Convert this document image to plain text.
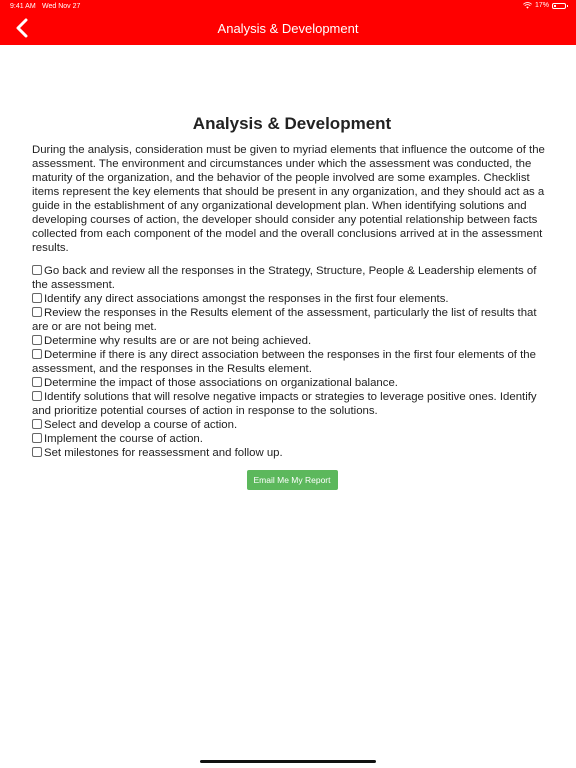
9:41 AM Wed Nov 27	17%
Analysis & Development
Analysis & Development

During the analysis, consideration must be given to myriad elements that influence the outcome of the assessment. The environment and circumstances under which the assessment was conducted, the maturity of the organization, and the behavior of the people involved are some examples. Checklist items represent the key elements that should be present in any organization, and they should act as a guide in the establishment of any organizational development plan. When identifying solutions and developing courses of action, the developer should consider any potential relationship between facts collected from each component of the model and the overall conclusions arrived at in the assessment results.

Go back and review all the responses in the Strategy, Structure, People & Leadership elements of the assessment.
Identify any direct associations amongst the responses in the first four elements.
Review the responses in the Results element of the assessment, particularly the list of results that are or are not being met.
Determine why results are or are not being achieved.
Determine if there is any direct association between the responses in the first four elements of the assessment, and the responses in the Results element.
Determine the impact of those associations on organizational balance.
Identify solutions that will resolve negative impacts or strategies to leverage positive ones. Identify and prioritize potential courses of action in response to the solutions.
Select and develop a course of action.
Implement the course of action.
Set milestones for reassessment and follow up.
Email Me My Report
